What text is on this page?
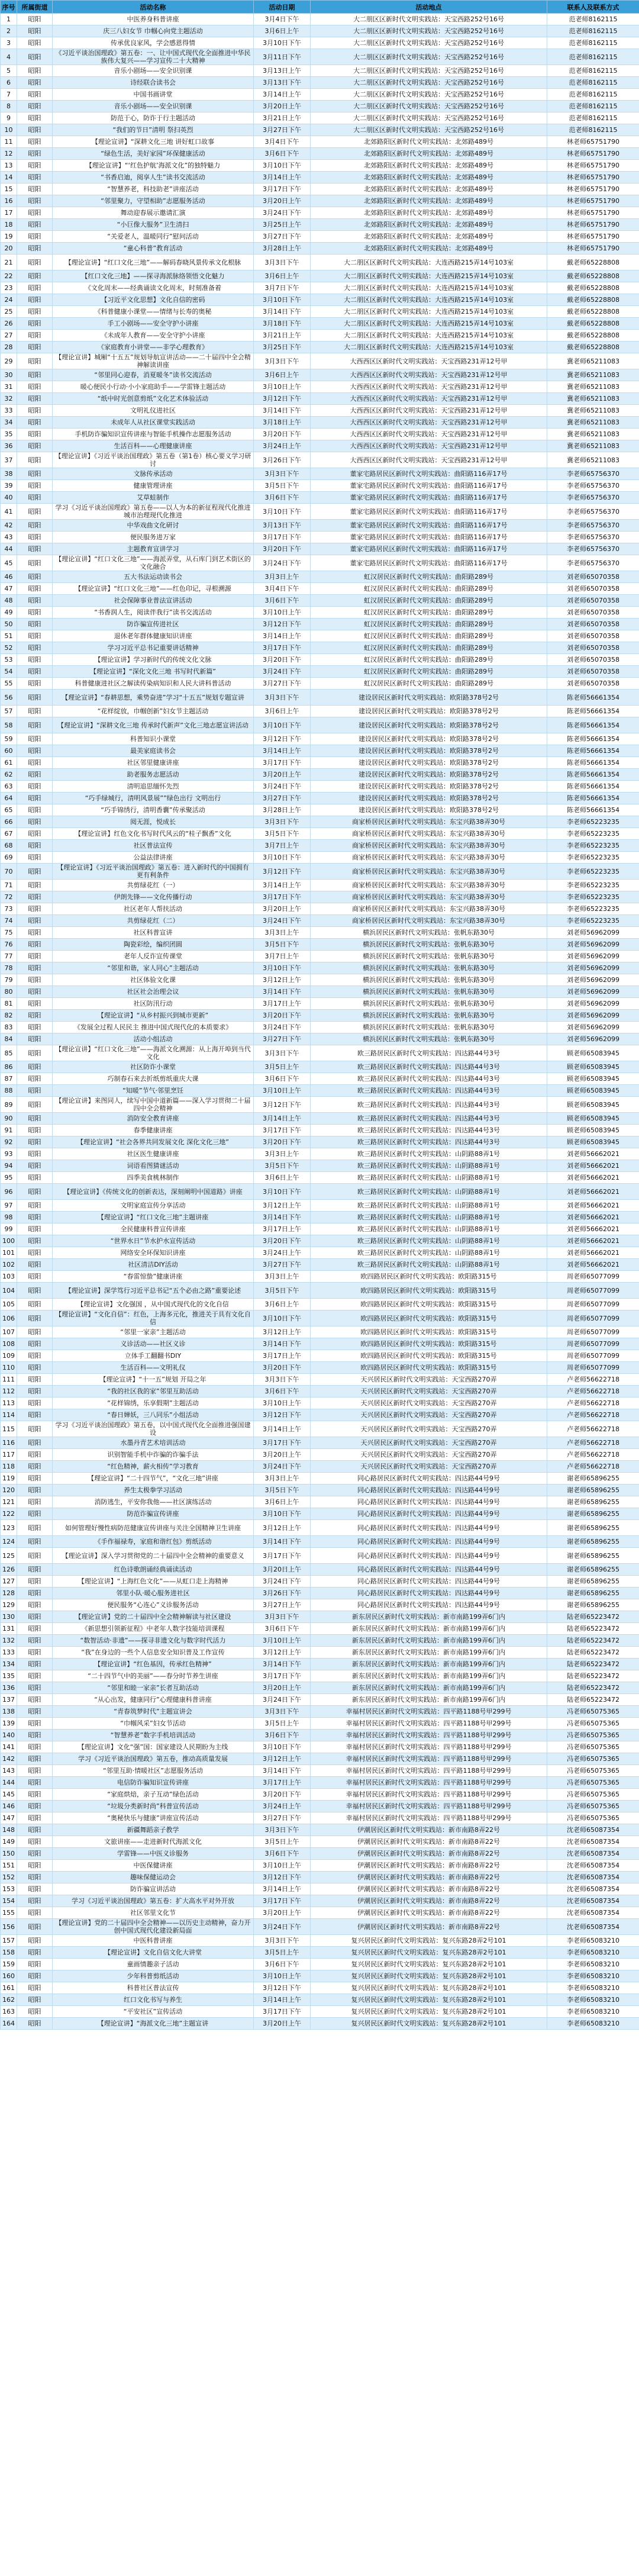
序号	所属街道	活动名称	活动日期	活动地点	联系人及联系方式
1	昭阳	中医养身科普讲座	3月4日下午	大二朋区区新时代文明实践站：天宝西路252号16号	范老师8162115
2	昭阳	庆三八妇女节 巾帼心向党主题活动	3月6日上午	大二朋区区新时代文明实践站：天宝西路252号16号	范老师8162115
3	昭阳	传承优良家风，学会感恩得情	3月10日下午	大二朋区区新时代文明实践站：天宝西路252号16号	范老师8162115
4	昭阳	《习近平谈治国理政》第五卷：一、让中国式现代化全面推进中华民族伟大复兴——学习宣传二十大精神	3月11日下午	大二朋区区新时代文明实践站：天宝西路252号16号	范老师8162115
5	昭阳	音乐小剧场——安全识别课	3月13日上午	大二朋区区新时代文明实践站：天宝西路252号16号	范老师8162115
6	昭阳	诗经联合读书会	3月13日下午	大二朋区区新时代文明实践站：天宝西路252号16号	范老师8162115
7	昭阳	中国书画讲堂	3月14日上午	大二朋区区新时代文明实践站：天宝西路252号16号	范老师8162115
8	昭阳	音乐小剧场——安全识别课	3月20日上午	大二朋区区新时代文明实践站：天宝西路252号16号	范老师8162115
9	昭阳	防范于心，防诈于行主题活动	3月21日上午	大二朋区区新时代文明实践站：天宝西路252号16号	范老师8162115
10	昭阳	“我们的节日”清明 祭扫英烈	3月27日下午	大二朋区区新时代文明实践站：天宝西路252号16号	范老师8162115
11	昭阳	【理论宣讲】“深耕文化三地 讲好虹口故事	3月4日下午	北郊路阳区新时代文明实践站：北郊路489号	林老师65751790
12	昭阳	“绿色生活，美好家园”环保健康活动	3月6日下午	北郊路阳区新时代文明实践站：北郊路489号	林老师65751790
13	昭阳	【理论宣讲】“‘红色护航’海派文化”的独特魅力	3月10日下午	北郊路阳区新时代文明实践站：北郊路489号	林老师65751790
14	昭阳	“书香启迪，阅享人生”读书交流活动	3月14日上午	北郊路阳区新时代文明实践站：北郊路489号	林老师65751790
15	昭阳	“智慧养老，科技助老”讲座活动	3月17日下午	北郊路阳区新时代文明实践站：北郊路489号	林老师65751790
16	昭阳	“邻里聚力，守望相助”志愿服务活动	3月20日上午	北郊路阳区新时代文明实践站：北郊路489号	林老师65751790
17	昭阳	舞动迎春展示邀请汇演	3月24日下午	北郊路阳区新时代文明实践站：北郊路489号	林老师65751790
18	昭阳	“小巨像大服务”卫生清扫	3月25日上午	北郊路阳区新时代文明实践站：北郊路489号	林老师65751790
19	昭阳	“关爱老人，温暖同行”慰问活动	3月27日下午	北郊路阳区新时代文明实践站：北郊路489号	林老师65751790
20	昭阳	“童心科普”教育活动	3月28日上午	北郊路阳区新时代文明实践站：北郊路489号	林老师65751790
21	昭阳	【理论宣讲】“红口文化三地”——解码春晓风景传承文化根脉	3月3日下午	大二朋区区新时代文明实践站：大连西路215弄14号103室	戴老师65228808
22	昭阳	【红口文化三地】——探寻海派脉络领悟文化魅力	3月6日上午	大二朋区区新时代文明实践站：大连西路215弄14号103室	戴老师65228808
23	昭阳	《文化周末——经典诵读文化周末，时刻准备着	3月7日下午	大二朋区区新时代文明实践站：大连西路215弄14号103室	戴老师65228808
24	昭阳	【习近平文化思想】文化自信的密码	3月10日下午	大二朋区区新时代文明实践站：大连西路215弄14号103室	戴老师65228808
25	昭阳	《科普健康小课堂——情绪与长寿的奥秘	3月14日下午	大二朋区区新时代文明实践站：大连西路215弄14号103室	戴老师65228808
26	昭阳	手工小剧场——安全守护小讲座	3月18日下午	大二朋区区新时代文明实践站：大连西路215弄14号103室	戴老师65228808
27	昭阳	《未成年人教育——安全守护小讲座	3月21日上午	大二朋区区新时代文明实践站：大连西路215弄14号103室	戴老师65228808
28	昭阳	《家庭教育小讲堂——非学心理教育》	3月25日下午	大二朋区区新时代文明实践站：大连西路215弄14号103室	戴老师65228808
29	昭阳	【理论宣讲】城厢“十五五”规划导航宣讲活动——二十届四中全会精神解读讲座	3月3日下午	大西西区区新时代文明实践站：天宝西路231弄12号甲	冀老师65211083
30	昭阳	“邻里同心迎春，消夏暖冬”读书交流活动	3月6日上午	大西西区区新时代文明实践站：天宝西路231弄12号甲	冀老师65211083
31	昭阳	暖心便民小行动·小小家庭助手——学雷锋主题活动	3月10日上午	大西西区区新时代文明实践站：天宝西路231弄12号甲	冀老师65211083
32	昭阳	“纸中时光创意剪纸”文化艺术体验活动	3月12日下午	大西西区区新时代文明实践站：天宝西路231弄12号甲	冀老师65211083
33	昭阳	文明礼仪进社区	3月14日下午	大西西区区新时代文明实践站：天宝西路231弄12号甲	冀老师65211083
34	昭阳	未成年人从社区课堂实践活动	3月18日上午	大西西区区新时代文明实践站：天宝西路231弄12号甲	冀老师65211083
35	昭阳	手机防诈骗知识宣传讲座与智能手机操作志愿服务活动	3月20日下午	大西西区区新时代文明实践站：天宝西路231弄12号甲	冀老师65211083
36	昭阳	生活百科——心理健康讲座	3月24日上午	大西西区区新时代文明实践站：天宝西路231弄12号甲	冀老师65211083
37	昭阳	【理论宣讲】《习近平谈治国理政》第五卷（第1卷）核心要义学习研讨	3月26日下午	大西西区区新时代文明实践站：天宝西路231弄12号甲	冀老师65211083
38	昭阳	文脉传承活动	3月3日下午	董家宅路居民区新时代文明实践站：曲阳路116弄17号	李老师65756370
39	昭阳	健康管理讲座	3月5日下午	董家宅路居民区新时代文明实践站：曲阳路116弄17号	李老师65756370
40	昭阳	艾草蛙制作	3月6日下午	董家宅路居民区新时代文明实践站：曲阳路116弄17号	李老师65756370
41	昭阳	学习《习近平谈治国理政》第五卷——以人为本的新征程现代化推进城市治理现代化推进	3月10日下午	董家宅路居民区新时代文明实践站：曲阳路116弄17号	李老师65756370
42	昭阳	中华戏曲文化研讨	3月13日下午	董家宅路居民区新时代文明实践站：曲阳路116弄17号	李老师65756370
43	昭阳	便民服务进万家	3月17日下午	董家宅路居民区新时代文明实践站：曲阳路116弄17号	李老师65756370
44	昭阳	主题教育宣讲学习	3月20日下午	董家宅路居民区新时代文明实践站：曲阳路116弄17号	李老师65756370
45	昭阳	【理论宣讲】“红口文化三地”——海派弄堂，从石库门到艺术街区的文化融合	3月24日下午	董家宅路居民区新时代文明实践站：曲阳路116弄17号	李老师65756370
46	昭阳	五大书法运动读书会	3月3日上午	虹汉居民区新时代文明实践站：曲阳路289号	刘老师65070358
47	昭阳	【理论宣讲】“红口文化三地”——红色印记，寻根溯源	3月4日下午	虹汉居民区新时代文明实践站：曲阳路289号	刘老师65070358
48	昭阳	社会保障事业普法宣讲活动	3月6日下午	虹汉居民区新时代文明实践站：曲阳路289号	刘老师65070358
49	昭阳	“书香润人生，阅读伴我行”读书交流活动	3月10日上午	虹汉居民区新时代文明实践站：曲阳路289号	刘老师65070358
50	昭阳	防诈骗宣传进社区	3月12日下午	虹汉居民区新时代文明实践站：曲阳路289号	刘老师65070358
51	昭阳	退休老年群体健康知识讲座	3月14日上午	虹汉居民区新时代文明实践站：曲阳路289号	刘老师65070358
52	昭阳	学习习近平总书记重要讲话精神	3月17日下午	虹汉居民区新时代文明实践站：曲阳路289号	刘老师65070358
53	昭阳	【理论宣讲】学习新时代的传统文化文脉	3月20日下午	虹汉居民区新时代文明实践站：曲阳路289号	刘老师65070358
54	昭阳	【理论宣讲】“深化文化三地 书写时代新篇”	3月24日下午	虹汉居民区新时代文明实践站：曲阳路289号	刘老师65070358
55	昭阳	科普健康进社区之解读传染病知识和人民大讲科普活动	3月27日下午	虹汉居民区新时代文明实践站：曲阳路289号	刘老师65070358
56	昭阳	【理论宣讲】“春耕思想，乘势奋进”学习“十五五”规划专题宣讲	3月3日下午	建设居民区新时代文明实践站：欧阳路378号2号	陈老师56661354
57	昭阳	“花样绽放，巾帼创新”妇女节主题活动	3月6日上午	建设居民区新时代文明实践站：欧阳路378号2号	陈老师56661354
58	昭阳	【理论宣讲】“深耕文化三地 传承时代新声”文化三地志愿宣讲活动	3月10日下午	建设居民区新时代文明实践站：欧阳路378号2号	陈老师56661354
59	昭阳	科普知识小课堂	3月12日下午	建设居民区新时代文明实践站：欧阳路378号2号	陈老师56661354
60	昭阳	最美家庭读书会	3月14日上午	建设居民区新时代文明实践站：欧阳路378号2号	陈老师56661354
61	昭阳	社区邻里健康讲座	3月17日下午	建设居民区新时代文明实践站：欧阳路378号2号	陈老师56661354
62	昭阳	助老服务志愿活动	3月20日上午	建设居民区新时代文明实践站：欧阳路378号2号	陈老师56661354
63	昭阳	清明追思缅怀先烈	3月24日下午	建设居民区新时代文明实践站：欧阳路378号2号	陈老师56661354
64	昭阳	“巧手绿城行，清明风景展””绿色出行 文明出行	3月27日下午	建设居民区新时代文明实践站：欧阳路378号2号	陈老师56661354
65	昭阳	“巧手锦绣行，清明香囊”传承聚活动	3月28日上午	建设居民区新时代文明实践站：欧阳路378号2号	陈老师56661354
66	昭阳	阅无涯，悦成长	3月3日下午	商家桥居民区新时代文明实践站：东宝兴路38弄30号	李老师65223235
67	昭阳	【理论宣讲】红色文化书写时代风云的“桂子飘香”文化	3月5日下午	商家桥居民区新时代文明实践站：东宝兴路38弄30号	李老师65223235
68	昭阳	社区普法宣传	3月7日上午	商家桥居民区新时代文明实践站：东宝兴路38弄30号	李老师65223235
69	昭阳	公益法律讲座	3月10日下午	商家桥居民区新时代文明实践站：东宝兴路38弄30号	李老师65223235
70	昭阳	【理论宣讲】《习近平谈治国理政》第五卷：进入新时代的中国拥有更有利条件	3月12日下午	商家桥居民区新时代文明实践站：东宝兴路38弄30号	李老师65223235
71	昭阳	共剪绿花红（一）	3月14日上午	商家桥居民区新时代文明实践站：东宝兴路38弄30号	李老师65223235
72	昭阳	伊朗先锋——文化传播行动	3月17日下午	商家桥居民区新时代文明实践站：东宝兴路38弄30号	李老师65223235
73	昭阳	社区老年人帮扶活动	3月20日上午	商家桥居民区新时代文明实践站：东宝兴路38弄30号	李老师65223235
74	昭阳	共剪绿花红（二）	3月24日下午	商家桥居民区新时代文明实践站：东宝兴路38弄30号	李老师65223235
75	昭阳	社区科普宣讲	3月3日上午	横浜居民区新时代文明实践站：张帆东路30号	刘老师56962099
76	昭阳	陶瓷彩绘，编织团圆	3月5日下午	横浜居民区新时代文明实践站：张帆东路30号	刘老师56962099
77	昭阳	老年人反诈宣传课堂	3月7日上午	横浜居民区新时代文明实践站：张帆东路30号	刘老师56962099
78	昭阳	“邻里和谐，家人同心”主题活动	3月10日下午	横浜居民区新时代文明实践站：张帆东路30号	刘老师56962099
79	昭阳	社区体验文化课	3月12日上午	横浜居民区新时代文明实践站：张帆东路30号	刘老师56962099
80	昭阳	社区社会治理会议	3月14日下午	横浜居民区新时代文明实践站：张帆东路30号	刘老师56962099
81	昭阳	社区防汛行动	3月17日上午	横浜居民区新时代文明实践站：张帆东路30号	刘老师56962099
82	昭阳	【理论宣讲】“从乡村振兴到城市更新”	3月20日下午	横浜居民区新时代文明实践站：张帆东路30号	刘老师56962099
83	昭阳	《发展全过程人民民主 推进中国式现代化的本质要求》	3月24日下午	横浜居民区新时代文明实践站：张帆东路30号	刘老师56962099
84	昭阳	活动小组活动	3月27日下午	横浜居民区新时代文明实践站：张帆东路30号	刘老师56962099
85	昭阳	【理论宣讲】“红口文化三地”——海派文化溯源：从上海开埠到当代文化	3月3日下午	欧三路居民区新时代文明实践站：四达路44号3号	顾老师65083945
86	昭阳	社区防诈小课堂	3月5日上午	欧三路居民区新时代文明实践站：四达路44号3号	顾老师65083945
87	昭阳	巧制春石来去折纸剪纸重庆大课	3月6日下午	欧三路居民区新时代文明实践站：四达路44号3号	顾老师65083945
88	昭阳	“知暖”节气·邻里烹饪	3月10日上午	欧三路居民区新时代文明实践站：四达路44号3号	顾老师65083945
89	昭阳	【理论宣讲】来图同人，续写中国中道新篇——深入学习贯彻二十届四中全会精神	3月12日下午	欧三路居民区新时代文明实践站：四达路44号3号	顾老师65083945
90	昭阳	消防安全教育讲座	3月14日上午	欧三路居民区新时代文明实践站：四达路44号3号	顾老师65083945
91	昭阳	春季健康讲座	3月17日下午	欧三路居民区新时代文明实践站：四达路44号3号	顾老师65083945
92	昭阳	【理论宣讲】“社会各界共同发展文化 深化文化三地”	3月20日下午	欧三路居民区新时代文明实践站：四达路44号3号	顾老师65083945
93	昭阳	社区医生健康讲座	3月3日上午	欧三路居民区新时代文明实践站：山阴路88弄1号	刘老师56662021
94	昭阳	词语看图猜谜活动	3月5日下午	欧三路居民区新时代文明实践站：山阴路88弄1号	刘老师56662021
95	昭阳	四季美食桃林制作	3月6日上午	欧三路居民区新时代文明实践站：山阴路88弄1号	刘老师56662021
96	昭阳	【理论宣讲】《传统文化的创新表达，深刻阐明中国道路》讲座	3月10日下午	欧三路居民区新时代文明实践站：山阴路88弄1号	刘老师56662021
97	昭阳	文明家庭宣传分享活动	3月12日上午	欧三路居民区新时代文明实践站：山阴路88弄1号	刘老师56662021
98	昭阳	【理论宣讲】“红口文化三地”主题讲座	3月14日下午	欧三路居民区新时代文明实践站：山阴路88弄1号	刘老师56662021
99	昭阳	全民健康科普宣传讲座	3月17日上午	欧三路居民区新时代文明实践站：山阴路88弄1号	刘老师56662021
100	昭阳	“世界水日”节水护水宣传活动	3月20日下午	欧三路居民区新时代文明实践站：山阴路88弄1号	刘老师56662021
101	昭阳	网络安全环保知识讲座	3月24日上午	欧三路居民区新时代文明实践站：山阴路88弄1号	刘老师56662021
102	昭阳	社区清洁DIY活动	3月27日下午	欧三路居民区新时代文明实践站：山阴路88弄1号	刘老师56662021
103	昭阳	“春雷惊蛰”健康讲座	3月3日上午	欧四路居民区新时代文明实践站：欧阳路315号	周老师65077099
104	昭阳	【理论宣讲】深学笃行习近平总书记“五个必由之路”重要论述	3月5日下午	欧四路居民区新时代文明实践站：欧阳路315号	周老师65077099
105	昭阳	【理论宣讲】文化强国 ，从中国式现代化的文化自信	3月6日上午	欧四路居民区新时代文明实践站：欧阳路315号	周老师65077099
106	昭阳	【理论宣讲】“文化自信”：红色，上海多元化，推进关于具有文化自信	3月10日下午	欧四路居民区新时代文明实践站：欧阳路315号	周老师65077099
107	昭阳	“邻里一家亲”主题活动	3月12日上午	欧四路居民区新时代文明实践站：欧阳路315号	周老师65077099
108	昭阳	义诊活动——社区义诊	3月14日下午	欧四路居民区新时代文明实践站：欧阳路315号	周老师65077099
109	昭阳	立体手工翻翻书DIY	3月17日上午	欧四路居民区新时代文明实践站：欧阳路315号	周老师65077099
110	昭阳	生活百科——文明礼仪	3月20日下午	欧四路居民区新时代文明实践站：欧阳路315号	周老师65077099
111	昭阳	【理论宣讲】“十一五”规划 开局之年	3月3日下午	天兴居民区新时代文明实践站：天宝西路270弄	卢老师56622718
112	昭阳	“我的社区我的家”邻里互助活动	3月6日下午	天兴居民区新时代文明实践站：天宝西路270弄	卢老师56622718
113	昭阳	“花样锦绣，乐享假期”主题活动	3月10日上午	天兴居民区新时代文明实践站：天宝西路270弄	卢老师56622718
114	昭阳	“春日婵妖，三八同乐”小组活动	3月12日下午	天兴居民区新时代文明实践站：天宝西路270弄	卢老师56622718
115	昭阳	学习《习近平谈治国理政》第五卷，以中国式现代化全面推进强国建设	3月14日上午	天兴居民区新时代文明实践站：天宝西路270弄	卢老师56622718
116	昭阳	水墨丹青艺术培训活动	3月17日下午	天兴居民区新时代文明实践站：天宝西路270弄	卢老师56622718
117	昭阳	识别智能手机中诈骗的诈骗手法	3月20日上午	天兴居民区新时代文明实践站：天宝西路270弄	卢老师56622718
118	昭阳	“红色精神，薪火相传”学习教育	3月24日下午	天兴居民区新时代文明实践站：天宝西路270弄	卢老师56622718
119	昭阳	【理论宣讲】“二十四节气”，“文化三地”讲座	3月3日上午	同心路居民区新时代文明实践站：四达路44号9号	谢老师65896255
120	昭阳	养生太极拳学习活动	3月5日下午	同心路居民区新时代文明实践站：四达路44号9号	谢老师65896255
121	昭阳	消防逃生，平安你我他——社区演练活动	3月6日上午	同心路居民区新时代文明实践站：四达路44号9号	谢老师65896255
122	昭阳	防范诈骗宣传讲座	3月10日下午	同心路居民区新时代文明实践站：四达路44号9号	谢老师65896255
123	昭阳	如何管理好慢性病防范健康宣传讲座与关注全国精神卫生讲座	3月12日上午	同心路居民区新时代文明实践站：四达路44号9号	谢老师65896255
124	昭阳	《手作福禄寿，家庭和谐红包》剪纸活动	3月14日下午	同心路居民区新时代文明实践站：四达路44号9号	谢老师65896255
125	昭阳	【理论宣讲】深入学习贯彻党的二十届四中全会精神的重要意义	3月17日下午	同心路居民区新时代文明实践站：四达路44号9号	谢老师65896255
126	昭阳	红色诗歌朗诵经典诵读活动	3月20日上午	同心路居民区新时代文明实践站：四达路44号9号	谢老师65896255
127	昭阳	【理论宣讲】“上海红色文化”——从虹口走上海精神	3月24日下午	同心路居民区新时代文明实践站：四达路44号9号	谢老师65896255
128	昭阳	邻里小队·暖心服务进社区	3月26日下午	同心路居民区新时代文明实践站：四达路44号9号	谢老师65896255
129	昭阳	便民服务“心连心”义诊服务活动	3月27日上午	同心路居民区新时代文明实践站：四达路44号9号	谢老师65896255
130	昭阳	【理论宣讲】党的二十届四中全会精神解读与社区建设	3月3日下午	新东居民区新时代文明实践站：新市南路199弄6门内	陆老师65223472
131	昭阳	《新思想引领新征程》中老年人数字技能培训课程	3月6日下午	新东居民区新时代文明实践站：新市南路199弄6门内	陆老师65223472
132	昭阳	“数智活动·非遗”——探寻非遗文化与数字时代活力	3月10日上午	新东居民区新时代文明实践站：新市南路199弄6门内	陆老师65223472
133	昭阳	“我”在身边的一些个人信息安全知识普及工作宣传	3月12日上午	新东居民区新时代文明实践站：新市南路199弄6门内	陆老师65223472
134	昭阳	【理论宣讲】“红色基因，传承红色精神”	3月14日下午	新东居民区新时代文明实践站：新市南路199弄6门内	陆老师65223472
135	昭阳	“二十四节气中的美丽”——春分时节养生讲座	3月17日下午	新东居民区新时代文明实践站：新市南路199弄6门内	陆老师65223472
136	昭阳	“邻里和睦一家亲”长者互助活动	3月20日上午	新东居民区新时代文明实践站：新市南路199弄6门内	陆老师65223472
137	昭阳	“从心出发，健康同行”心理健康科普讲座	3月24日下午	新东居民区新时代文明实践站：新市南路199弄6门内	陆老师65223472
138	昭阳	“青春筑梦时代”主题宣讲会	3月3日下午	幸福村居民区新时代文明实践站：四平路1188号甲299号	冯老师65075365
139	昭阳	“巾帼风采”妇女节活动	3月5日上午	幸福村居民区新时代文明实践站：四平路1188号甲299号	冯老师65075365
140	昭阳	“智慧养老”数字手机培训活动	3月6日下午	幸福村居民区新时代文明实践站：四平路1188号甲299号	冯老师65075365
141	昭阳	【理论宣讲】文化“强”国：国家建设人民期盼为主线	3月10日下午	幸福村居民区新时代文明实践站：四平路1188号甲299号	冯老师65075365
142	昭阳	学习《习近平谈治国理政》第五卷，推动高质量发展	3月12日上午	幸福村居民区新时代文明实践站：四平路1188号甲299号	冯老师65075365
143	昭阳	“邻里互助·情暖社区”志愿服务活动	3月14日下午	幸福村居民区新时代文明实践站：四平路1188号甲299号	冯老师65075365
144	昭阳	电信防诈骗知识宣传讲座	3月17日上午	幸福村居民区新时代文明实践站：四平路1188号甲299号	冯老师65075365
145	昭阳	“家庭烘焙，亲子互动”绿色活动	3月20日下午	幸福村居民区新时代文明实践站：四平路1188号甲299号	冯老师65075365
146	昭阳	“垃圾分类新时尚”科普宣传活动	3月24日上午	幸福村居民区新时代文明实践站：四平路1188号甲299号	冯老师65075365
147	昭阳	“奥秘快乐与健康”讲座宣传活动	3月27日下午	幸福村居民区新时代文明实践站：四平路1188号甲299号	冯老师65075365
148	昭阳	新疆舞蹈亲子教学	3月3日下午	伊潮居民区新时代文明实践站：新市南路8弄22号	沈老师65087354
149	昭阳	文旅讲座——走进新时代海派文化	3月5日上午	伊潮居民区新时代文明实践站：新市南路8弄22号	沈老师65087354
150	昭阳	学雷锋——中医义诊服务	3月6日下午	伊潮居民区新时代文明实践站：新市南路8弄22号	沈老师65087354
151	昭阳	中医保健讲座	3月10日上午	伊潮居民区新时代文明实践站：新市南路8弄22号	沈老师65087354
152	昭阳	趣味保健运动会	3月12日下午	伊潮居民区新时代文明实践站：新市南路8弄22号	沈老师65087354
153	昭阳	防诈骗宣讲活动	3月14日上午	伊潮居民区新时代文明实践站：新市南路8弄22号	沈老师65087354
154	昭阳	学习《习近平谈治国理政》第五卷：扩大高水平对外开放	3月17日下午	伊潮居民区新时代文明实践站：新市南路8弄22号	沈老师65087354
155	昭阳	社区邻里文化节	3月20日上午	伊潮居民区新时代文明实践站：新市南路8弄22号	沈老师65087354
156	昭阳	【理论宣讲】党的二十届四中全会精神——以历史主动精神，奋力开创中国式现代化建设新局面	3月24日下午	伊潮居民区新时代文明实践站：新市南路8弄22号	沈老师65087354
157	昭阳	中医科普讲座	3月3日下午	复兴居民区新时代文明实践站：复兴东路28弄2号101	李老师65083210
158	昭阳	【理论宣讲】文化自信文化大讲堂	3月5日上午	复兴居民区新时代文明实践站：复兴东路28弄2号101	李老师65083210
159	昭阳	童画情趣亲子活动	3月6日下午	复兴居民区新时代文明实践站：复兴东路28弄2号101	李老师65083210
160	昭阳	少年科普剪纸活动	3月10日上午	复兴居民区新时代文明实践站：复兴东路28弄2号101	李老师65083210
161	昭阳	科普社区普法宣传	3月12日下午	复兴居民区新时代文明实践站：复兴东路28弄2号101	李老师65083210
162	昭阳	红口文化书写与养生	3月14日上午	复兴居民区新时代文明实践站：复兴东路28弄2号101	李老师65083210
163	昭阳	“平安社区”宣传活动	3月17日下午	复兴居民区新时代文明实践站：复兴东路28弄2号101	李老师65083210
164	昭阳	【理论宣讲】“海派文化三地”主题宣讲	3月20日上午	复兴居民区新时代文明实践站：复兴东路28弄2号101	李老师65083210
